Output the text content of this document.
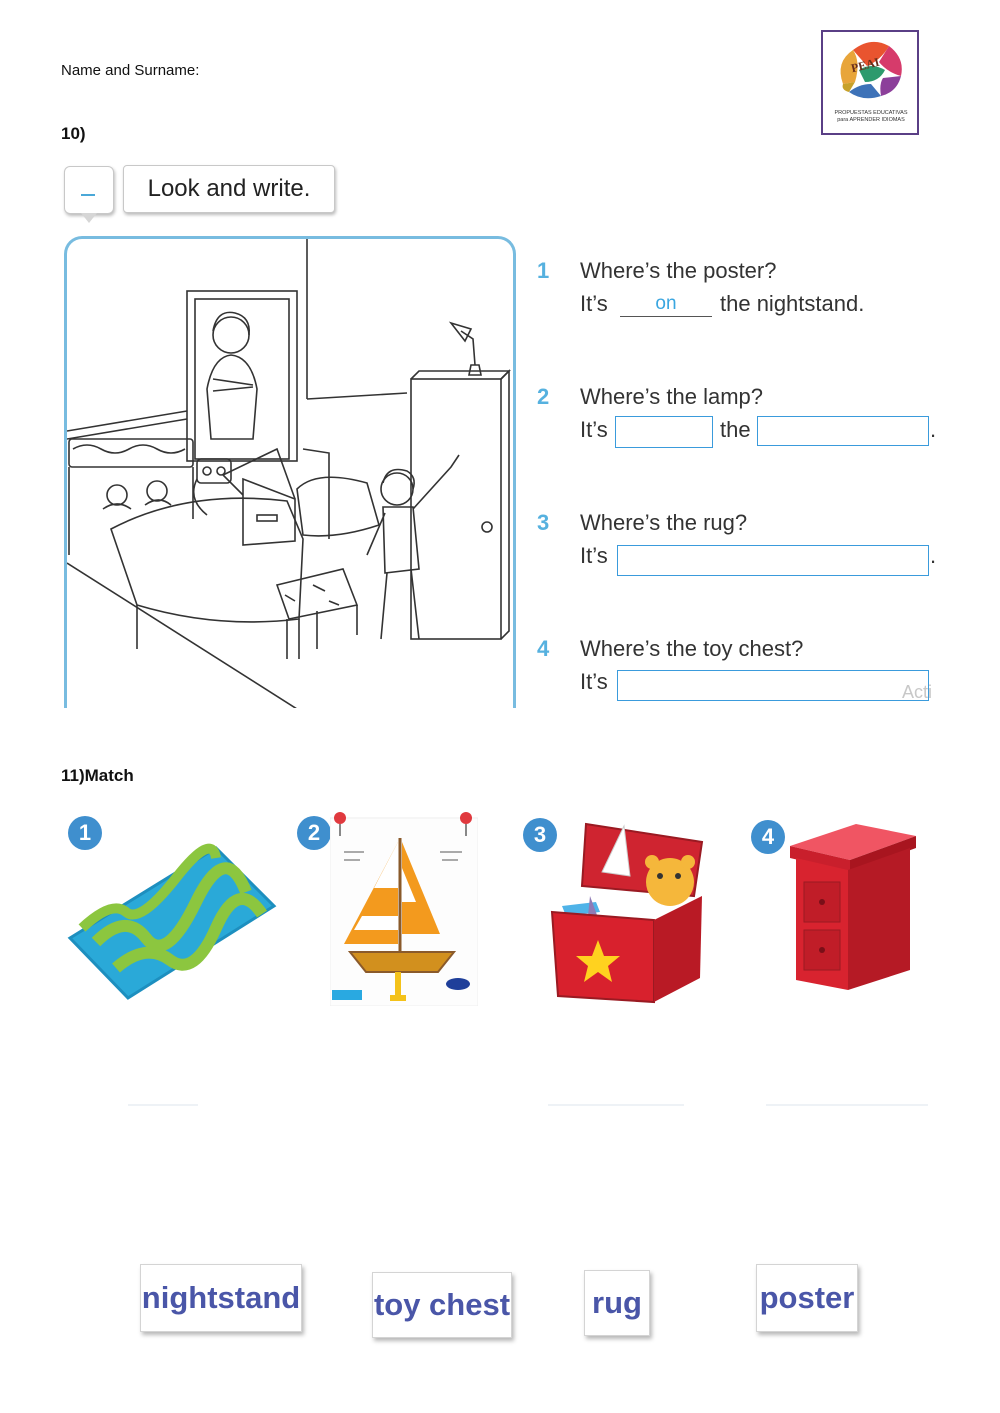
Name and Surname:	PEAI
PROPUESTAS EDUCATIVAS
para APRENDER IDIOMAS
10)
Look and write.
1 Where’s the poster?
It’s	on	the nightstand.
2 Where’s the lamp?
It’s	the	.
3 Where’s the rug?
It’s	.
4 Where’s the toy chest?
It’s	Acti
11)Match
1	2	3	4
nightstand toy chest	rug	poster
